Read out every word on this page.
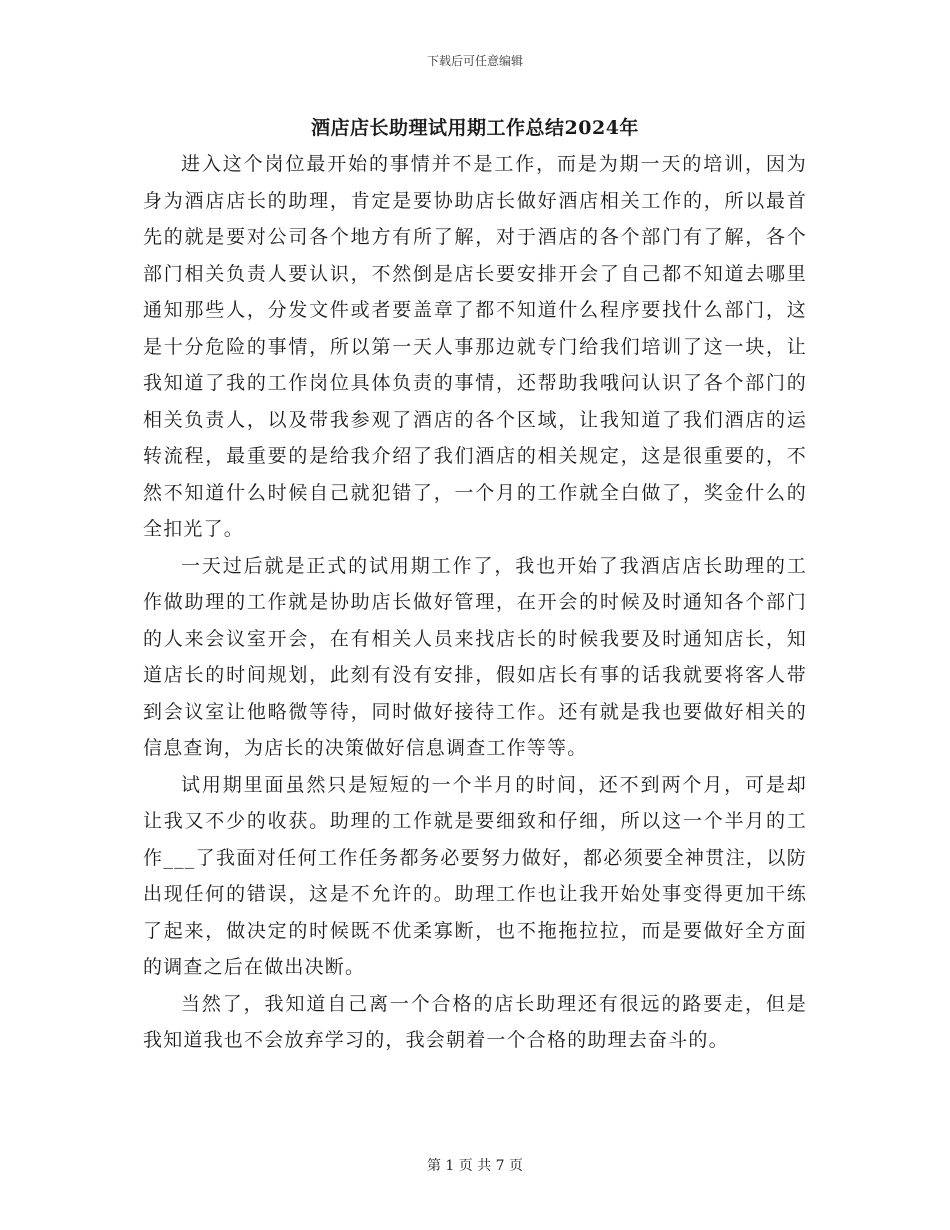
下载后可任意编辑
酒店店长助理试用期工作总结2024年

进入这个岗位最开始的事情并不是工作，而是为期一天的培训，因为身为酒店店长的助理，肯定是要协助店长做好酒店相关工作的，所以最首先的就是要对公司各个地方有所了解，对于酒店的各个部门有了解，各个部门相关负责人要认识，不然倒是店长要安排开会了自己都不知道去哪里通知那些人，分发文件或者要盖章了都不知道什么程序要找什么部门，这是十分危险的事情，所以第一天人事那边就专门给我们培训了这一块，让我知道了我的工作岗位具体负责的事情，还帮助我哦问认识了各个部门的相关负责人，以及带我参观了酒店的各个区域，让我知道了我们酒店的运转流程，最重要的是给我介绍了我们酒店的相关规定，这是很重要的，不然不知道什么时候自己就犯错了，一个月的工作就全白做了，奖金什么的全扣光了。

一天过后就是正式的试用期工作了，我也开始了我酒店店长助理的工作做助理的工作就是协助店长做好管理，在开会的时候及时通知各个部门的人来会议室开会，在有相关人员来找店长的时候我要及时通知店长，知道店长的时间规划，此刻有没有安排，假如店长有事的话我就要将客人带到会议室让他略微等待，同时做好接待工作。还有就是我也要做好相关的信息查询，为店长的决策做好信息调查工作等等。

试用期里面虽然只是短短的一个半月的时间，还不到两个月，可是却让我又不少的收获。助理的工作就是要细致和仔细，所以这一个半月的工作___了我面对任何工作任务都务必要努力做好，都必须要全神贯注，以防出现任何的错误，这是不允许的。助理工作也让我开始处事变得更加干练了起来，做决定的时候既不优柔寡断，也不拖拖拉拉，而是要做好全方面的调查之后在做出决断。

当然了，我知道自己离一个合格的店长助理还有很远的路要走，但是我知道我也不会放弃学习的，我会朝着一个合格的助理去奋斗的。

第 1 页 共 7 页
